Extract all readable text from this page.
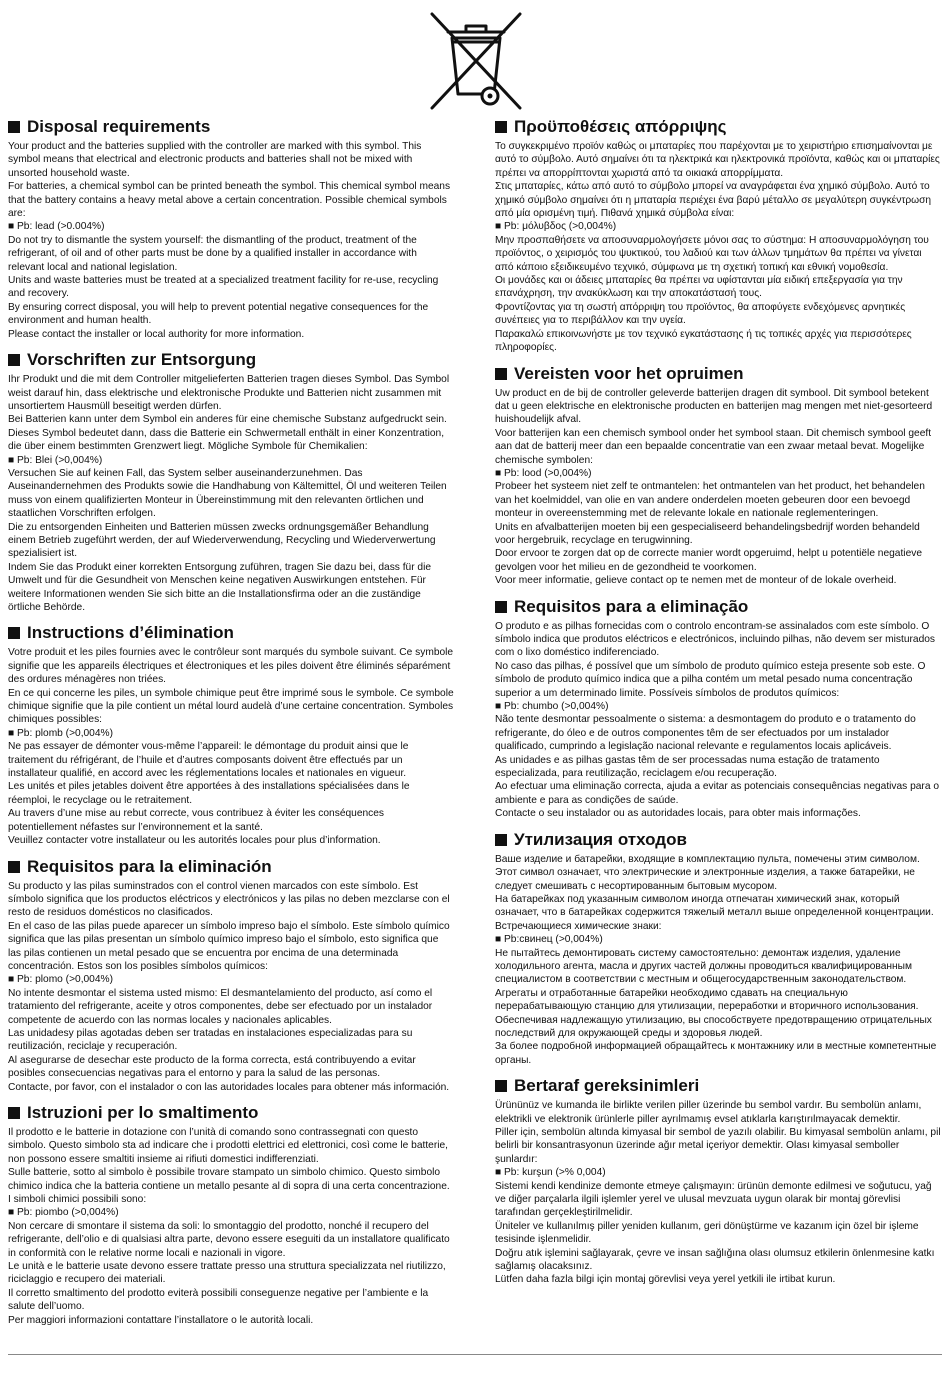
Disposal requirements

Your product and the batteries supplied with the controller are marked with this symbol. This symbol means that electrical and electronic products and batteries shall not be mixed with unsorted household waste.
For batteries, a chemical symbol can be printed beneath the symbol. This chemical symbol means that the battery contains a heavy metal above a certain concentration. Possible chemical symbols are:
■ Pb: lead (>0.004%)
Do not try to dismantle the system yourself: the dismantling of the product, treatment of the refrigerant, of oil and of other parts must be done by a qualified installer in accordance with relevant local and national legislation.
Units and waste batteries must be treated at a specialized treatment facility for re-use, recycling and recovery.
By ensuring correct disposal, you will help to prevent potential negative consequences for the environment and human health.
Please contact the installer or local authority for more information.

Vorschriften zur Entsorgung

Ihr Produkt und die mit dem Controller mitgelieferten Batterien tragen dieses Symbol. Das Symbol weist darauf hin, dass elektrische und elektronische Produkte und Batterien nicht zusammen mit unsortiertem Hausmüll beseitigt werden dürfen.
Bei Batterien kann unter dem Symbol ein anderes für eine chemische Substanz aufgedruckt sein. Dieses Symbol bedeutet dann, dass die Batterie ein Schwermetall enthält in einer Konzentration, die über einem bestimmten Grenzwert liegt. Mögliche Symbole für Chemikalien:
■ Pb: Blei (>0,004%)
Versuchen Sie auf keinen Fall, das System selber auseinanderzunehmen. Das Auseinandernehmen des Produkts sowie die Handhabung von Kältemittel, Öl und weiteren Teilen muss von einem qualifizierten Monteur in Übereinstimmung mit den relevanten örtlichen und staatlichen Vorschriften erfolgen.
Die zu entsorgenden Einheiten und Batterien müssen zwecks ordnungsgemäßer Behandlung einem Betrieb zugeführt werden, der auf Wiederverwendung, Recycling und Wiederverwertung spezialisiert ist.
Indem Sie das Produkt einer korrekten Entsorgung zuführen, tragen Sie dazu bei, dass für die Umwelt und für die Gesundheit von Menschen keine negativen Auswirkungen entstehen. Für weitere Informationen wenden Sie sich bitte an die Installationsfirma oder an die zuständige örtliche Behörde.

Instructions d’élimination

Votre produit et les piles fournies avec le contrôleur sont marqués du symbole suivant. Ce symbole signifie que les appareils électriques et électroniques et les piles doivent être éliminés séparément des ordures ménagères non triées.
En ce qui concerne les piles, un symbole chimique peut être imprimé sous le symbole. Ce symbole chimique signifie que la pile contient un métal lourd audelà d’une certaine concentration. Symboles chimiques possibles:
■ Pb: plomb (>0,004%)
Ne pas essayer de démonter vous-même l’appareil: le démontage du produit ainsi que le traitement du réfrigérant, de l’huile et d’autres composants doivent être effectués par un installateur qualifié, en accord avec les réglementations locales et nationales en vigueur.
Les unités et piles jetables doivent être apportées à des installations spécialisées dans le réemploi, le recyclage ou le retraitement.
Au travers d’une mise au rebut correcte, vous contribuez à éviter les conséquences potentiellement néfastes sur l’environnement et la santé.
Veuillez contacter votre installateur ou les autorités locales pour plus d’information.

Requisitos para la eliminación

Su producto y las pilas suminstrados con el control vienen marcados con este símbolo. Est símbolo significa que los productos eléctricos y electrónicos y las pilas no deben mezclarse con el resto de residuos domésticos no clasificados.
En el caso de las pilas puede aparecer un símbolo impreso bajo el símbolo. Este símbolo químico significa que las pilas presentan un símbolo químico impreso bajo el símbolo, esto significa que las pilas contienen un metal pesado que se encuentra por encima de una determinada concentración. Estos son los posibles símbolos químicos:
■ Pb: plomo (>0,004%)
No intente desmontar el sistema usted mismo: El desmantelamiento del producto, así como el tratamiento del refrigerante, aceite y otros componentes, debe ser efectuado por un instalador competente de acuerdo con las normas locales y nacionales aplicables.
Las unidadesy pilas agotadas deben ser tratadas en instalaciones especializadas para su reutilización, reciclaje y recuperación.
Al asegurarse de desechar este producto de la forma correcta, está contribuyendo a evitar posibles consecuencias negativas para el entorno y para la salud de las personas.
Contacte, por favor, con el instalador o con las autoridades locales para obtener más información.

Istruzioni per lo smaltimento

Il prodotto e le batterie in dotazione con l’unità di comando sono contrassegnati con questo simbolo. Questo simbolo sta ad indicare che i prodotti elettrici ed elettronici, così come le batterie, non possono essere smaltiti insieme ai rifiuti domestici indifferenziati.
Sulle batterie, sotto al simbolo è possibile trovare stampato un simbolo chimico. Questo simbolo chimico indica che la batteria contiene un metallo pesante al di sopra di una certa concentrazione. I simboli chimici possibili sono:
■ Pb: piombo (>0,004%)
Non cercare di smontare il sistema da soli: lo smontaggio del prodotto, nonché il recupero del refrigerante, dell’olio e di qualsiasi altra parte, devono essere eseguiti da un installatore qualificato in conformità con le relative norme locali e nazionali in vigore.
Le unità e le batterie usate devono essere trattate presso una struttura specializzata nel riutilizzo, riciclaggio e recupero dei materiali.
Il corretto smaltimento del prodotto eviterà possibili conseguenze negative per l’ambiente e la salute dell’uomo.
Per maggiori informazioni contattare l’installatore o le autorità locali.

Προϋποθέσεις απόρριψης

Το συγκεκριμένο προϊόν καθώς οι μπαταρίες που παρέχονται με το χειριστήριο επισημαίνονται με αυτό το σύμβολο. Αυτό σημαίνει ότι τα ηλεκτρικά και ηλεκτρονικά προϊόντα, καθώς και οι μπαταρίες πρέπει να απορρίπτονται χωριστά από τα οικιακά απορρίμματα.
Στις μπαταρίες, κάτω από αυτό το σύμβολο μπορεί να αναγράφεται ένα χημικό σύμβολο. Αυτό το χημικό σύμβολο σημαίνει ότι η μπαταρία περιέχει ένα βαρύ μέταλλο σε μεγαλύτερη συγκέντρωση από μία ορισμένη τιμή. Πιθανά χημικά σύμβολα είναι:
■ Pb: μόλυβδος (>0,004%)
Μην προσπαθήσετε να αποσυναρμολογήσετε μόνοι σας το σύστημα: Η αποσυναρμολόγηση του προϊόντος, ο χειρισμός του ψυκτικού, του λαδιού και των άλλων τμημάτων θα πρέπει να γίνεται από κάποιο εξειδικευμένο τεχνικό, σύμφωνα με τη σχετική τοπική και εθνική νομοθεσία.
Οι μονάδες και οι άδειες μπαταρίες θα πρέπει να υφίστανται μία ειδική επεξεργασία για την επανάχρηση, την ανακύκλωση και την αποκατάστασή τους.
Φροντίζοντας για τη σωστή απόρριψη του προϊόντος, θα αποφύγετε ενδεχόμενες αρνητικές συνέπειες για το περιβάλλον και την υγεία.
Παρακαλώ επικοινωνήστε με τον τεχνικό εγκατάστασης ή τις τοπικές αρχές για περισσότερες πληροφορίες.

Vereisten voor het opruimen

Uw product en de bij de controller geleverde batterijen dragen dit symbool. Dit symbool betekent dat u geen elektrische en elektronische producten en batterijen mag mengen met niet-gesorteerd huishoudelijk afval.
Voor batterijen kan een chemisch symbool onder het symbool staan. Dit chemisch symbool geeft aan dat de batterij meer dan een bepaalde concentratie van een zwaar metaal bevat. Mogelijke chemische symbolen:
■ Pb: lood (>0,004%)
Probeer het systeem niet zelf te ontmantelen: het ontmantelen van het product, het behandelen van het koelmiddel, van olie en van andere onderdelen moeten gebeuren door een bevoegd monteur in overeenstemming met de relevante lokale en nationale reglementeringen.
Units en afvalbatterijen moeten bij een gespecialiseerd behandelingsbedrijf worden behandeld voor hergebruik, recyclage en terugwinning.
Door ervoor te zorgen dat op de correcte manier wordt opgeruimd, helpt u potentiële negatieve gevolgen voor het milieu en de gezondheid te voorkomen.
Voor meer informatie, gelieve contact op te nemen met de monteur of de lokale overheid.

Requisitos para a eliminação

O produto e as pilhas fornecidas com o controlo encontram-se assinalados com este símbolo. O símbolo indica que produtos eléctricos e electrónicos, incluindo pilhas, não devem ser misturados com o lixo doméstico indiferenciado.
No caso das pilhas, é possível que um símbolo de produto químico esteja presente sob este. O símbolo de produto químico indica que a pilha contém um metal pesado numa concentração superior a um determinado limite. Possíveis símbolos de produtos químicos:
■ Pb: chumbo (>0,004%)
Não tente desmontar pessoalmente o sistema: a desmontagem do produto e o tratamento do refrigerante, do óleo e de outros componentes têm de ser efectuados por um instalador qualificado, cumprindo a legislação nacional relevante e regulamentos locais aplicáveis.
As unidades e as pilhas gastas têm de ser processadas numa estação de tratamento especializada, para reutilização, reciclagem e/ou recuperação.
Ao efectuar uma eliminação correcta, ajuda a evitar as potenciais consequências negativas para o ambiente e para as condições de saúde.
Contacte o seu instalador ou as autoridades locais, para obter mais informações.

Утилизация отходов

Ваше изделие и батарейки, входящие в комплектацию пульта, помечены этим символом. Этот символ означает, что электрические и электронные изделия, а также батарейки, не следует смешивать с несортированным бытовым мусором.
На батарейках под указанным символом иногда отпечатан химический знак, который означает, что в батарейках содержится тяжелый металл выше определенной концентрации. Встречающиеся химические знаки:
■ Pb:свинец (>0,004%)
Не пытайтесь демонтировать систему самостоятельно: демонтаж изделия, удаление холодильного агента, масла и других частей должны проводиться квалифицированным специалистом в соответствии с местным и общегосударственным законодательством.
Агрегаты и отработанные батарейки необходимо сдавать на специальную перерабатывающую станцию для утилизации, переработки и вторичного использования.
Обеспечивая надлежащую утилизацию, вы способствуете предотвращению отрицательных последствий для окружающей среды и здоровья людей.
За более подробной информацией обращайтесь к монтажнику или в местные компетентные органы.

Bertaraf gereksinimleri

Ürününüz ve kumanda ile birlikte verilen piller üzerinde bu sembol vardır. Bu sembolün anlamı, elektrikli ve elektronik ürünlerle piller ayrılmamış evsel atıklarla karıştırılmayacak demektir.
Piller için, sembolün altında kimyasal bir sembol de yazılı olabilir. Bu kimyasal sembolün anlamı, pil belirli bir konsantrasyonun üzerinde ağır metal içeriyor demektir. Olası kimyasal semboller şunlardır:
■ Pb: kurşun (>% 0,004)
Sistemi kendi kendinize demonte etmeye çalışmayın: ürünün demonte edilmesi ve soğutucu, yağ ve diğer parçalarla ilgili işlemler yerel ve ulusal mevzuata uygun olarak bir montaj görevlisi tarafından gerçekleştirilmelidir.
Üniteler ve kullanılmış piller yeniden kullanım, geri dönüştürme ve kazanım için özel bir işleme tesisinde işlenmelidir.
Doğru atık işlemini sağlayarak, çevre ve insan sağlığına olası olumsuz etkilerin önlenmesine katkı sağlamış olacaksınız.
Lütfen daha fazla bilgi için montaj görevlisi veya yerel yetkili ile irtibat kurun.
